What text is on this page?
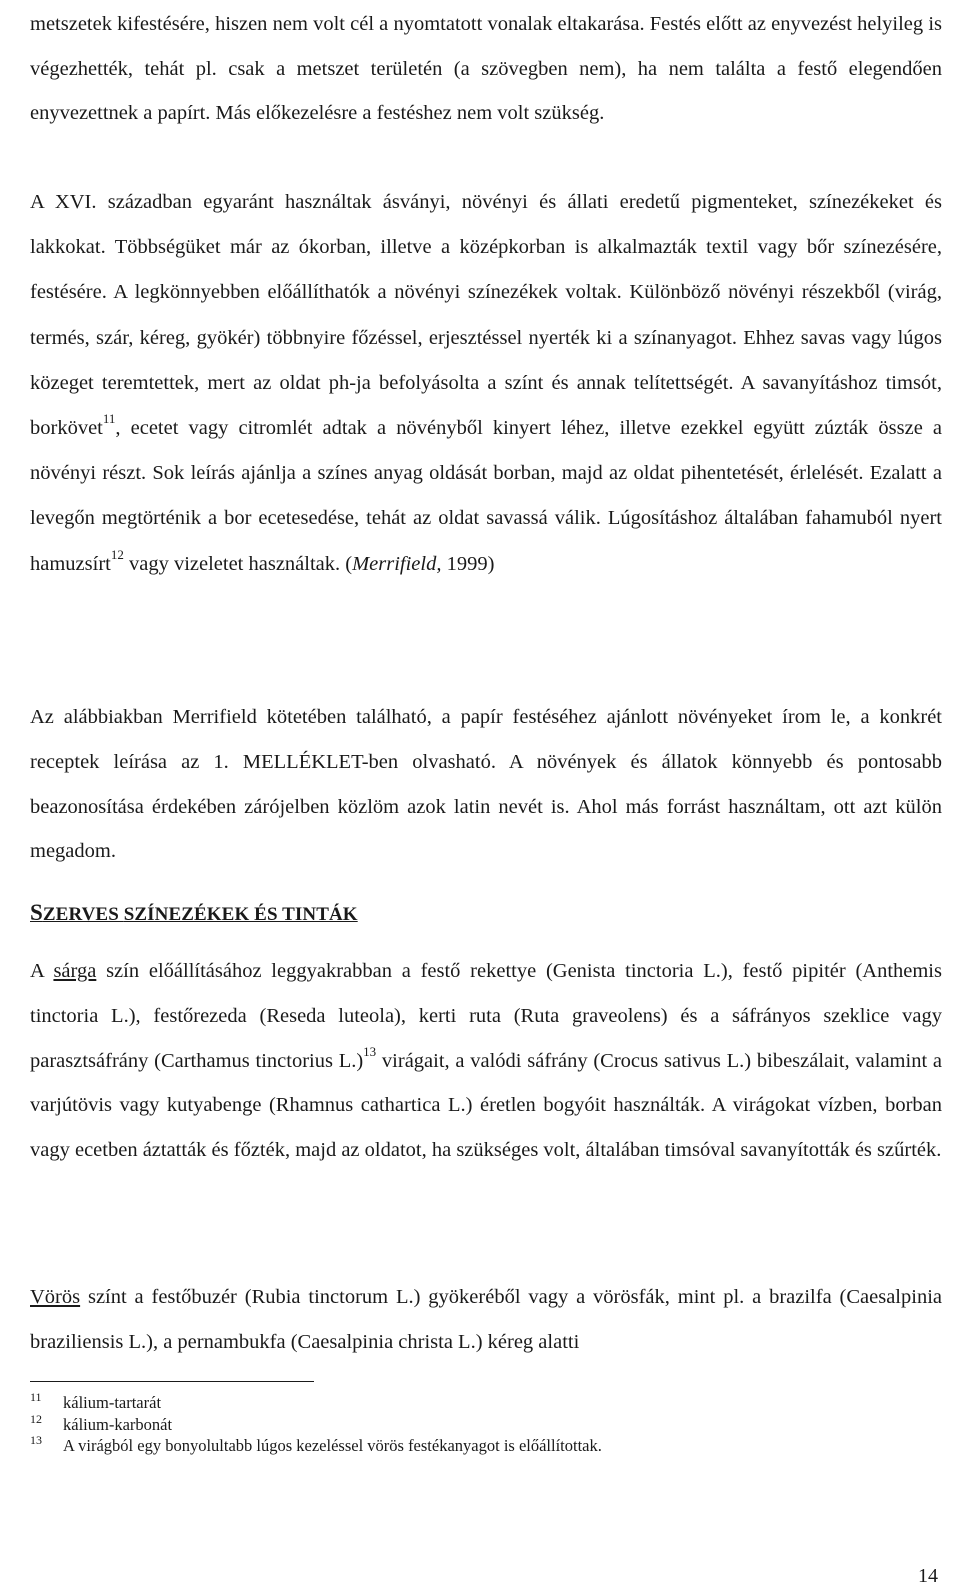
metszetek kifestésére, hiszen nem volt cél a nyomtatott vonalak eltakarása. Festés előtt az enyvezést helyileg is végezhették, tehát pl. csak a metszet területén (a szövegben nem), ha nem találta a festő elegendően enyvezettnek a papírt. Más előkezelésre a festéshez nem volt szükség.
A XVI. században egyaránt használtak ásványi, növényi és állati eredetű pigmenteket, színezékeket és lakkokat. Többségüket már az ókorban, illetve a középkorban is alkalmazták textil vagy bőr színezésére, festésére. A legkönnyebben előállíthatók a növényi színezékek voltak. Különböző növényi részekből (virág, termés, szár, kéreg, gyökér) többnyire főzéssel, erjesztéssel nyerték ki a színanyagot. Ehhez savas vagy lúgos közeget teremtettek, mert az oldat ph-ja befolyásolta a színt és annak telítettségét. A savanyításhoz timsót, borkövet$^{11}$, ecetet vagy citromlét adtak a növényből kinyert léhez, illetve ezekkel együtt zúzták össze a növényi részt. Sok leírás ajánlja a színes anyag oldását borban, majd az oldat pihentetését, érlelését. Ezalatt a levegőn megtörténik a bor ecetesedése, tehát az oldat savassá válik. Lúgosításhoz általában fahamuból nyert hamuzsírt$^{12}$ vagy vizeletet használtak. (Merrifield, 1999)
Az alábbiakban Merrifield kötetében található, a papír festéséhez ajánlott növényeket írom le, a konkrét receptek leírása az 1. MELLÉKLET-ben olvasható. A növények és állatok könnyebb és pontosabb beazonosítása érdekében zárójelben közlöm azok latin nevét is. Ahol más forrást használtam, ott azt külön megadom.
SZERVES SZÍNEZÉKEK ÉS TINTÁK
A sárga szín előállításához leggyakrabban a festő rekettye (Genista tinctoria L.), festő pipitér (Anthemis tinctoria L.), festőrezeda (Reseda luteola), kerti ruta (Ruta graveolens) és a sáfrányos szeklice vagy parasztsáfrány (Carthamus tinctorius L.)$^{13}$ virágait, a valódi sáfrány (Crocus sativus L.) bibeszálait, valamint a varjútövis vagy kutyabenge (Rhamnus cathartica L.) éretlen bogyóit használták. A virágokat vízben, borban vagy ecetben áztatták és főzték, majd az oldatot, ha szükséges volt, általában timsóval savanyították és szűrték.
Vörös színt a festőbuzér (Rubia tinctorum L.) gyökeréből vagy a vörösfák, mint pl. a brazilfa (Caesalpinia braziliensis L.), a pernambukfa (Caesalpinia christa L.) kéreg alatti
11 kálium-tartarát
12 kálium-karbonát
13 A virágból egy bonyolultabb lúgos kezeléssel vörös festékanyagot is előállítottak.
14
